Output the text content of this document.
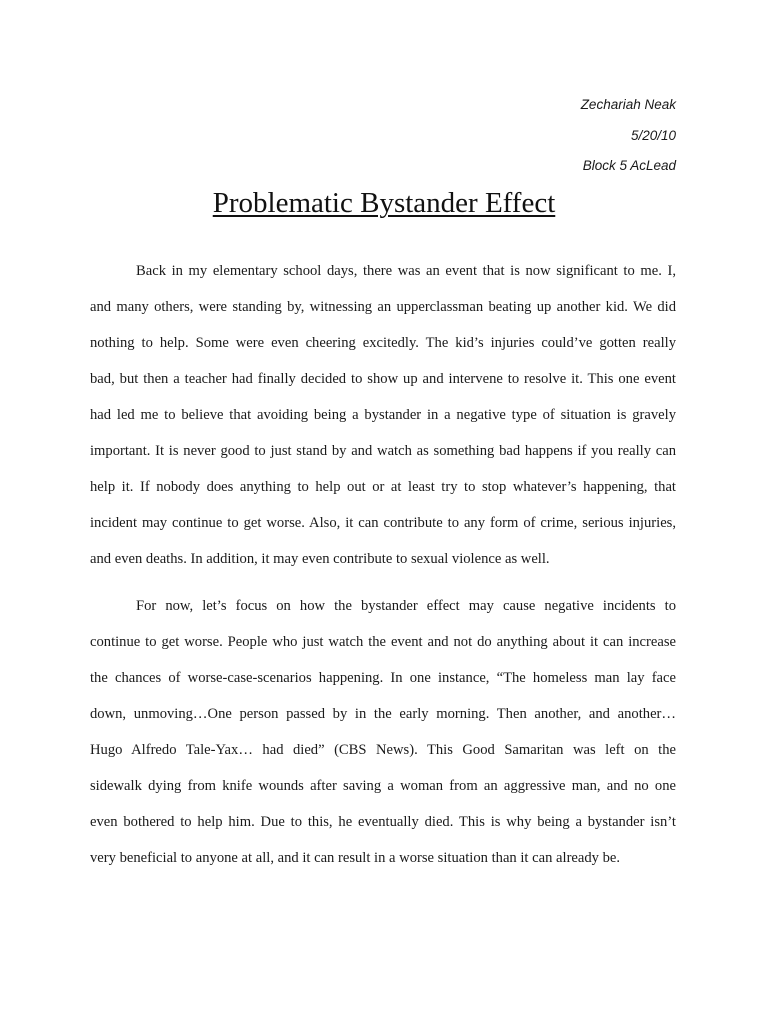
Zechariah Neak
5/20/10
Block 5 AcLead
Problematic Bystander Effect
Back in my elementary school days, there was an event that is now significant to me. I,
and many others, were standing by, witnessing an upperclassman beating up another kid. We did
nothing to help. Some were even cheering excitedly. The kid’s injuries could’ve gotten really
bad, but then a teacher had finally decided to show up and intervene to resolve it. This one event
had led me to believe that avoiding being a bystander in a negative type of situation is gravely
important. It is never good to just stand by and watch as something bad happens if you really can
help it. If nobody does anything to help out or at least try to stop whatever’s happening, that
incident may continue to get worse. Also, it can contribute to any form of crime, serious injuries,
and even deaths. In addition, it may even contribute to sexual violence as well.
For now, let’s focus on how the bystander effect may cause negative incidents to
continue to get worse. People who just watch the event and not do anything about it can increase
the chances of worse-case-scenarios happening. In one instance, “The homeless man lay face
down, unmoving…One person passed by in the early morning. Then another, and another…
Hugo Alfredo Tale-Yax… had died” (CBS News). This Good Samaritan was left on the
sidewalk dying from knife wounds after saving a woman from an aggressive man, and no one
even bothered to help him. Due to this, he eventually died. This is why being a bystander isn’t
very beneficial to anyone at all, and it can result in a worse situation than it can already be.
